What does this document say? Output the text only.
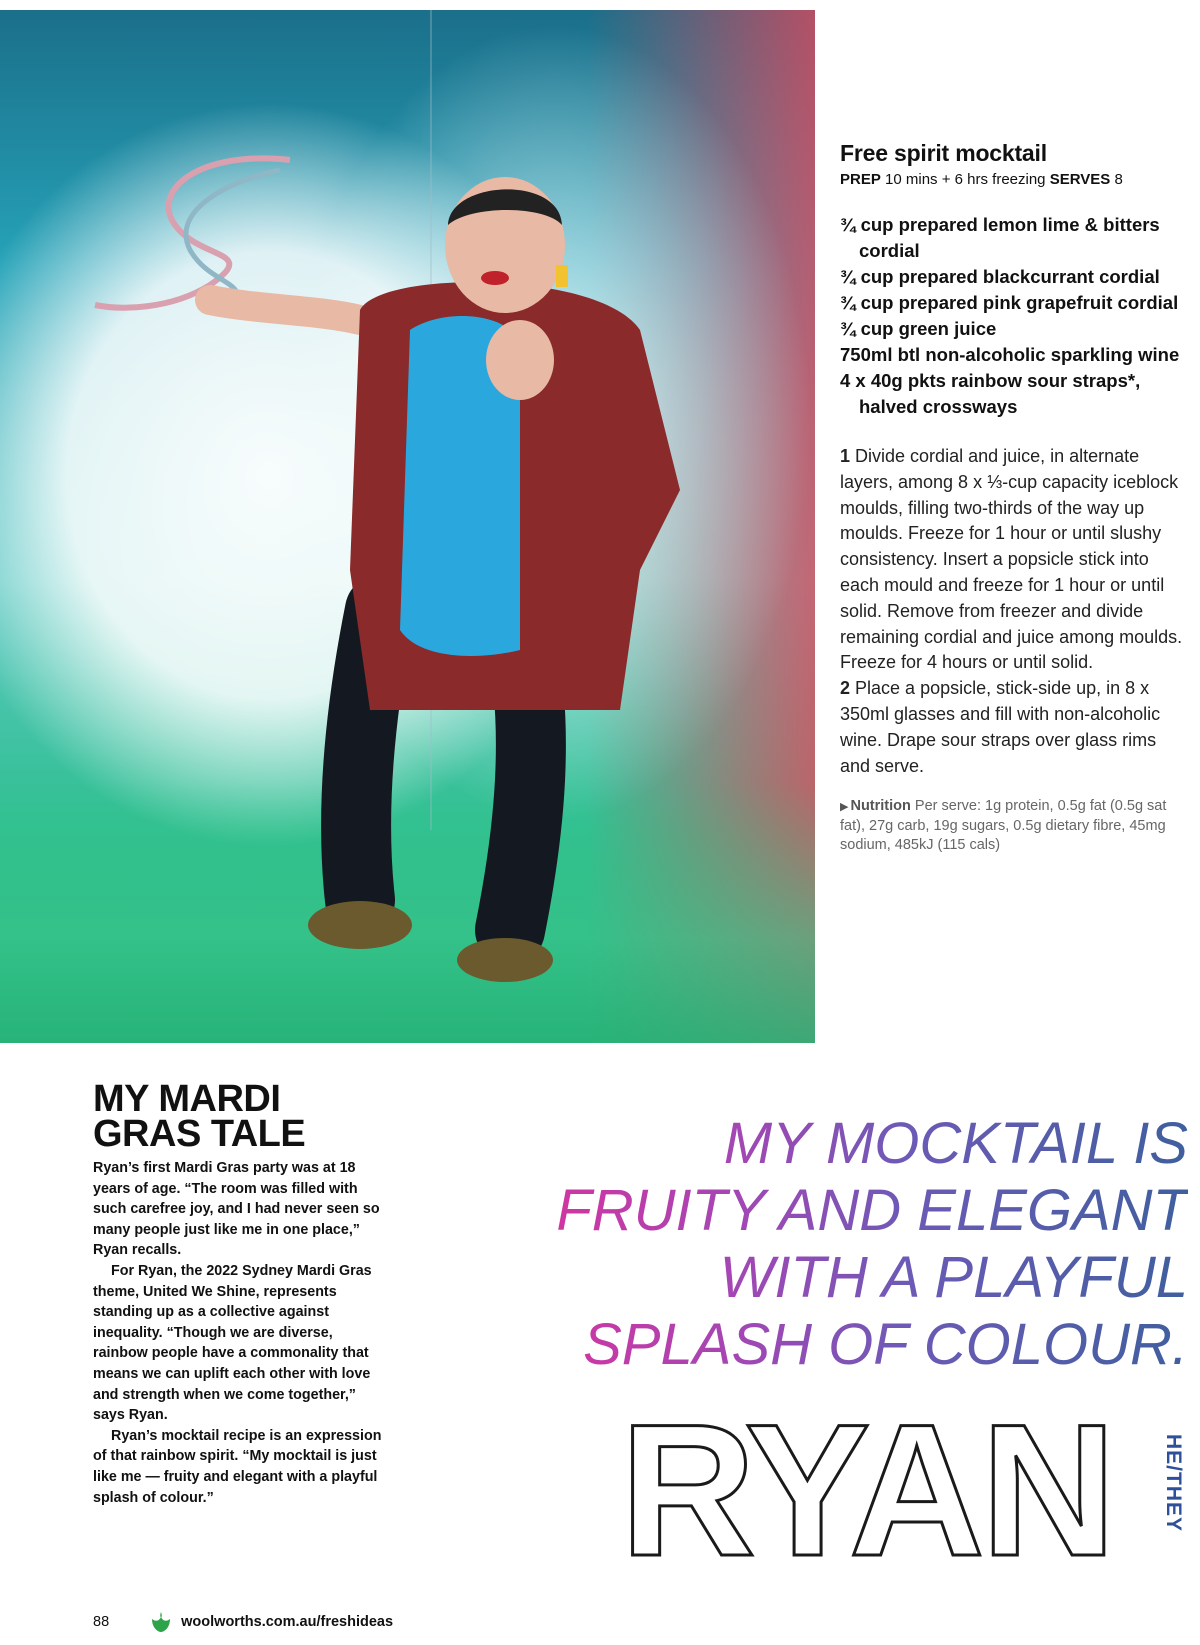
Free spirit mocktail
PREP 10 mins + 6 hrs freezing SERVES 8
¾ cup prepared lemon lime & bitters cordial
¾ cup prepared blackcurrant cordial
¾ cup prepared pink grapefruit cordial
¾ cup green juice
750ml btl non-alcoholic sparkling wine
4 x 40g pkts rainbow sour straps*, halved crossways

1 Divide cordial and juice, in alternate layers, among 8 x ⅓-cup capacity iceblock moulds, filling two-thirds of the way up moulds. Freeze for 1 hour or until slushy consistency. Insert a popsicle stick into each mould and freeze for 1 hour or until solid. Remove from freezer and divide remaining cordial and juice among moulds. Freeze for 4 hours or until solid.

2 Place a popsicle, stick-side up, in 8 x 350ml glasses and fill with non-alcoholic wine. Drape sour straps over glass rims and serve.

▶ Nutrition Per serve: 1g protein, 0.5g fat (0.5g sat fat), 27g carb, 19g sugars, 0.5g dietary fibre, 45mg sodium, 485kJ (115 cals)
MY MARDI
GRAS TALE

Ryan’s first Mardi Gras party was at 18 years of age. “The room was filled with such carefree joy, and I had never seen so many people just like me in one place,” Ryan recalls.

For Ryan, the 2022 Sydney Mardi Gras theme, United We Shine, represents standing up as a collective against inequality. “Though we are diverse, rainbow people have a commonality that means we can uplift each other with love and strength when we come together,” says Ryan.

Ryan’s mocktail recipe is an expression of that rainbow spirit. “My mocktail is just like me — fruity and elegant with a playful splash of colour.”

MY MOCKTAIL IS
FRUITY AND ELEGANT
WITH A PLAYFUL
SPLASH OF COLOUR.
RYAN HE/THEY
88	woolworths.com.au/freshideas
